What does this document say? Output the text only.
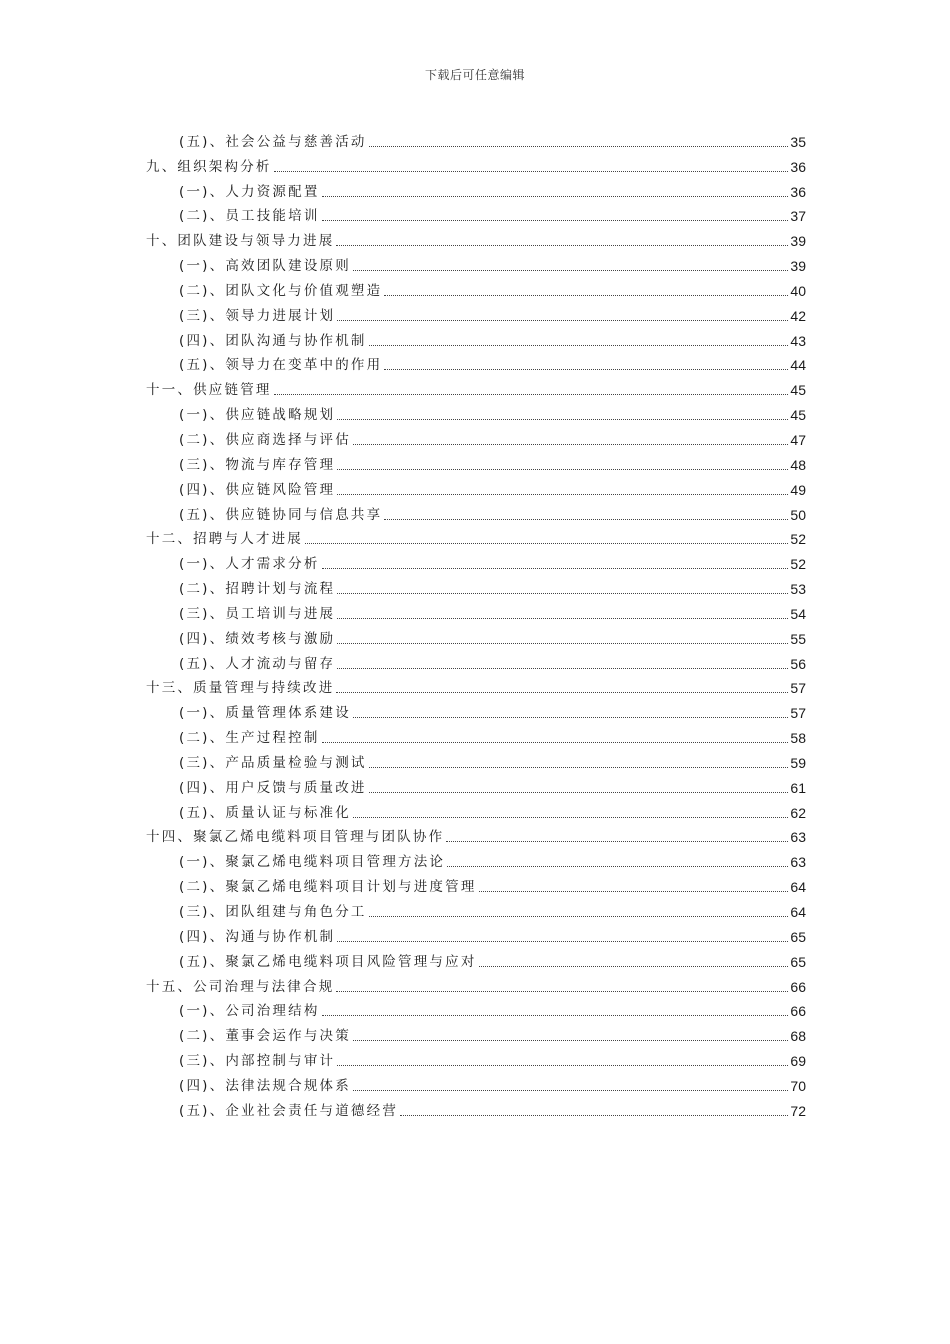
下载后可任意编辑
(五)、社会公益与慈善活动	35
九、组织架构分析	36
(一)、人力资源配置	36
(二)、员工技能培训	37
十、团队建设与领导力进展	39
(一)、高效团队建设原则	39
(二)、团队文化与价值观塑造	40
(三)、领导力进展计划	42
(四)、团队沟通与协作机制	43
(五)、领导力在变革中的作用	44
十一、供应链管理	45
(一)、供应链战略规划	45
(二)、供应商选择与评估	47
(三)、物流与库存管理	48
(四)、供应链风险管理	49
(五)、供应链协同与信息共享	50
十二、招聘与人才进展	52
(一)、人才需求分析	52
(二)、招聘计划与流程	53
(三)、员工培训与进展	54
(四)、绩效考核与激励	55
(五)、人才流动与留存	56
十三、质量管理与持续改进	57
(一)、质量管理体系建设	57
(二)、生产过程控制	58
(三)、产品质量检验与测试	59
(四)、用户反馈与质量改进	61
(五)、质量认证与标准化	62
十四、聚氯乙烯电缆料项目管理与团队协作	63
(一)、聚氯乙烯电缆料项目管理方法论	63
(二)、聚氯乙烯电缆料项目计划与进度管理	64
(三)、团队组建与角色分工	64
(四)、沟通与协作机制	65
(五)、聚氯乙烯电缆料项目风险管理与应对	65
十五、公司治理与法律合规	66
(一)、公司治理结构	66
(二)、董事会运作与决策	68
(三)、内部控制与审计	69
(四)、法律法规合规体系	70
(五)、企业社会责任与道德经营	72
